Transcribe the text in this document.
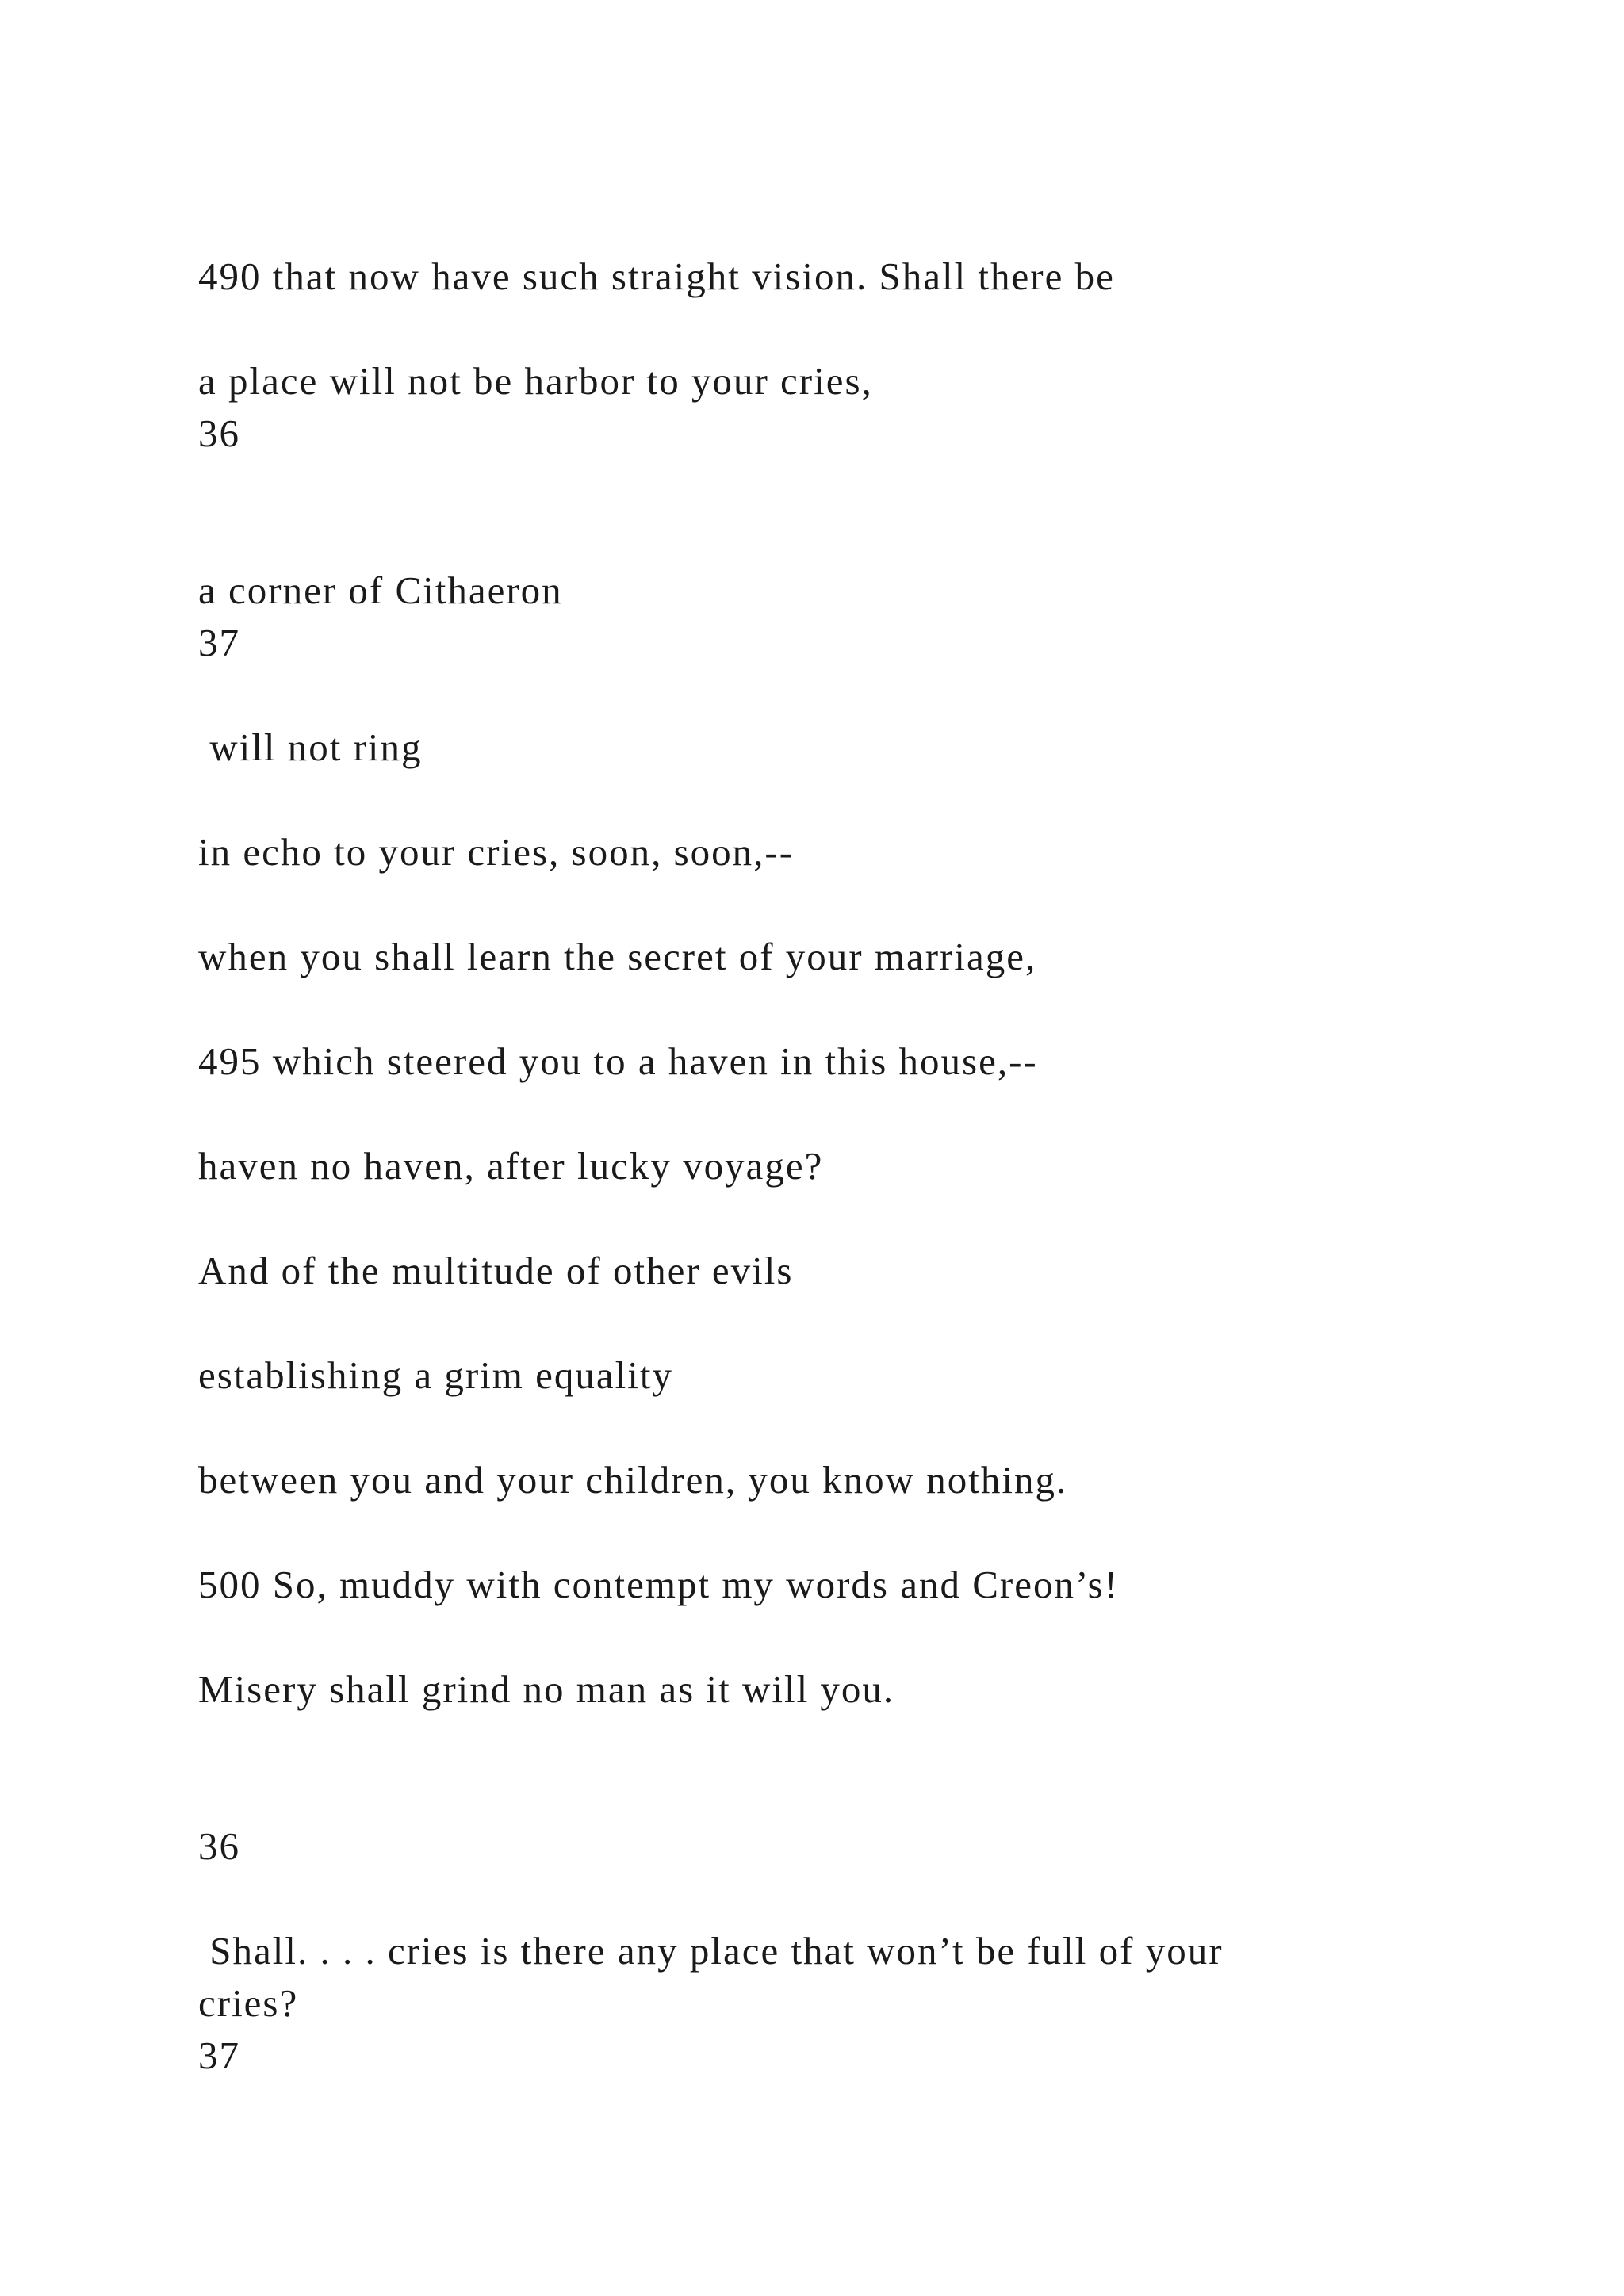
490 that now have such straight vision. Shall there be

a place will not be harbor to your cries,

36

a corner of Cithaeron

37

will not ring

in echo to your cries, soon, soon,--

when you shall learn the secret of your marriage,

495 which steered you to a haven in this house,--

haven no haven, after lucky voyage?

And of the multitude of other evils

establishing a grim equality

between you and your children, you know nothing.

500 So, muddy with contempt my words and Creon’s!

Misery shall grind no man as it will you.

36

Shall. . . . cries is there any place that won’t be full of your

cries?

37
